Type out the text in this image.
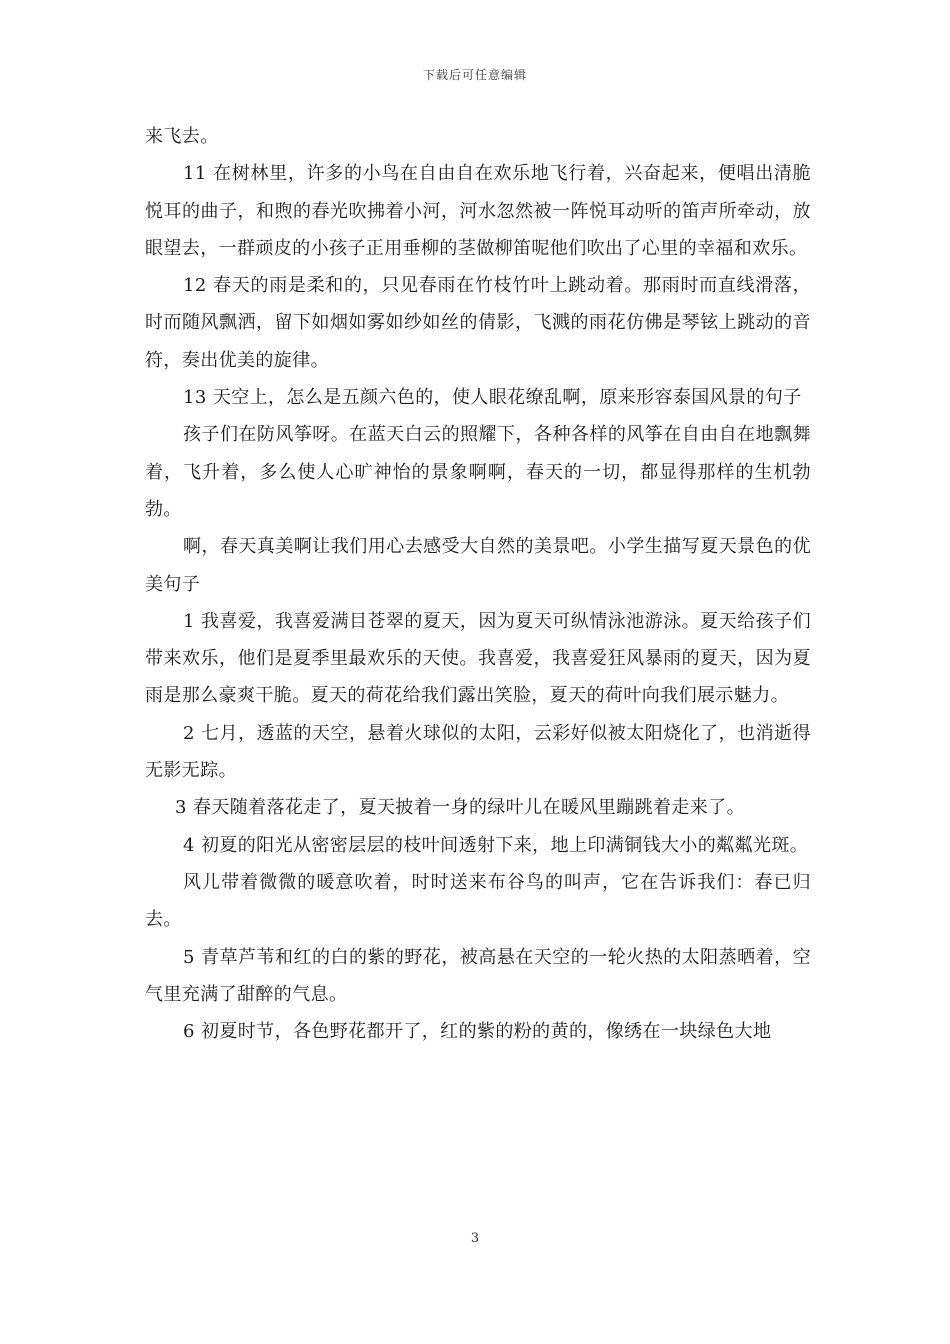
下载后可任意编辑

来飞去。

11 在树林里，许多的小鸟在自由自在欢乐地飞行着，兴奋起来，便唱出清脆悦耳的曲子，和煦的春光吹拂着小河，河水忽然被一阵悦耳动听的笛声所牵动，放眼望去，一群顽皮的小孩子正用垂柳的茎做柳笛呢他们吹出了心里的幸福和欢乐。

12 春天的雨是柔和的，只见春雨在竹枝竹叶上跳动着。那雨时而直线滑落，时而随风飘洒，留下如烟如雾如纱如丝的倩影，飞溅的雨花仿佛是琴铉上跳动的音符，奏出优美的旋律。

13 天空上，怎么是五颜六色的，使人眼花缭乱啊，原来形容泰国风景的句子

孩子们在防风筝呀。在蓝天白云的照耀下，各种各样的风筝在自由自在地飘舞着，飞升着，多么使人心旷神怡的景象啊啊，春天的一切，都显得那样的生机勃勃。

啊，春天真美啊让我们用心去感受大自然的美景吧。小学生描写夏天景色的优美句子

1 我喜爱，我喜爱满目苍翠的夏天，因为夏天可纵情泳池游泳。夏天给孩子们带来欢乐，他们是夏季里最欢乐的天使。我喜爱，我喜爱狂风暴雨的夏天，因为夏雨是那么豪爽干脆。夏天的荷花给我们露出笑脸，夏天的荷叶向我们展示魅力。

2 七月，透蓝的天空，悬着火球似的太阳，云彩好似被太阳烧化了，也消逝得无影无踪。

3 春天随着落花走了，夏天披着一身的绿叶儿在暖风里蹦跳着走来了。

4 初夏的阳光从密密层层的枝叶间透射下来，地上印满铜钱大小的粼粼光斑。

风儿带着微微的暖意吹着，时时送来布谷鸟的叫声，它在告诉我们：春已归去。

5 青草芦苇和红的白的紫的野花，被高悬在天空的一轮火热的太阳蒸晒着，空气里充满了甜醉的气息。

6 初夏时节，各色野花都开了，红的紫的粉的黄的，像绣在一块绿色大地

3
